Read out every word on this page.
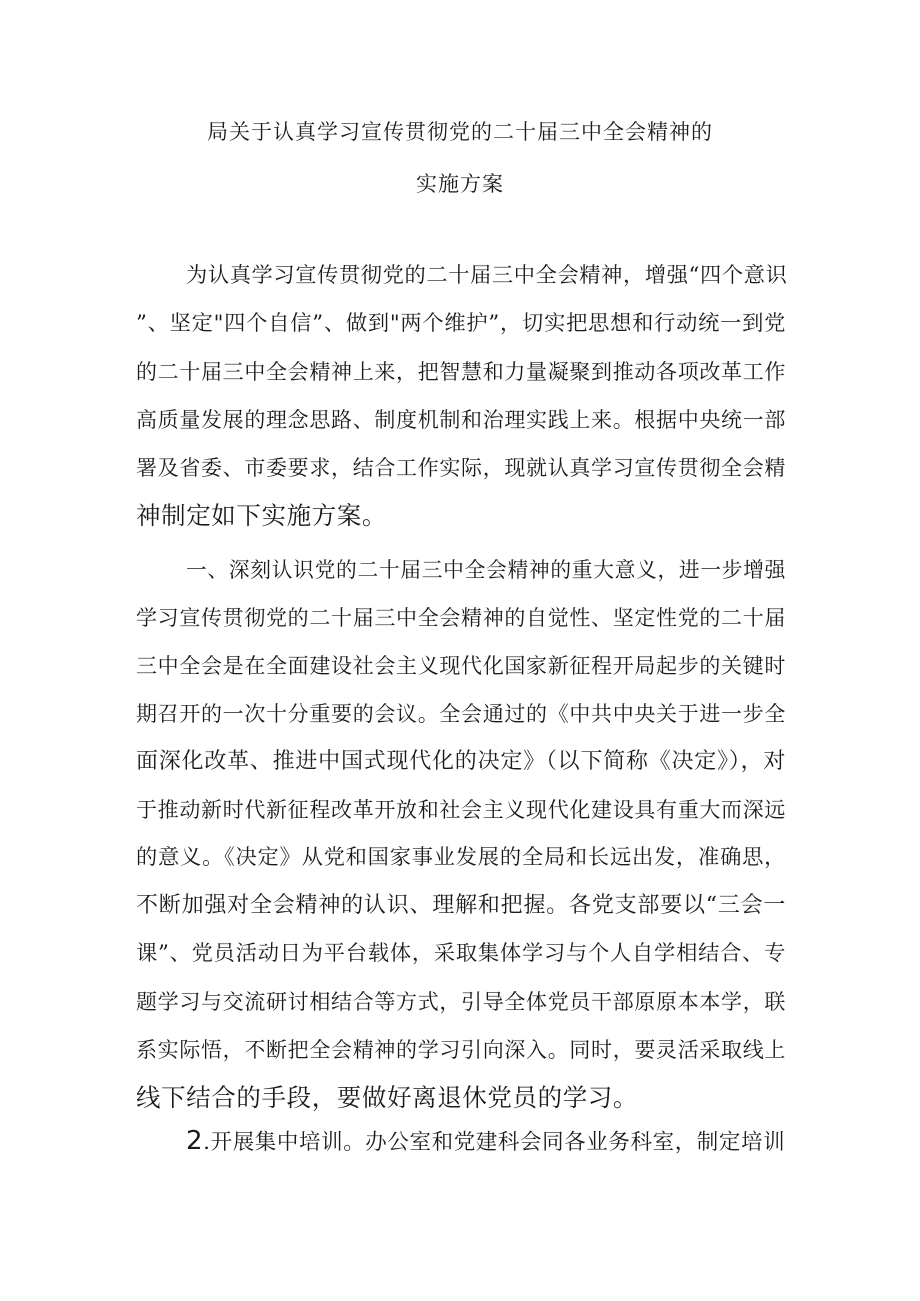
局关于认真学习宣传贯彻党的二十届三中全会精神的
实施方案
为认真学习宣传贯彻党的二十届三中全会精神，增强“四个意识
”、坚定"四个自信”、做到"两个维护”，切实把思想和行动统一到党
的二十届三中全会精神上来，把智慧和力量凝聚到推动各项改革工作
高质量发展的理念思路、制度机制和治理实践上来。根据中央统一部
署及省委、市委要求，结合工作实际，现就认真学习宣传贯彻全会精
神制定如下实施方案。
一、深刻认识党的二十届三中全会精神的重大意义，进一步增强
学习宣传贯彻党的二十届三中全会精神的自觉性、坚定性党的二十届
三中全会是在全面建设社会主义现代化国家新征程开局起步的关键时
期召开的一次十分重要的会议。全会通过的《中共中央关于进一步全
面深化改革、推进中国式现代化的决定》（以下简称《决定》），对
于推动新时代新征程改革开放和社会主义现代化建设具有重大而深远
的意义。《决定》从党和国家事业发展的全局和长远出发，准确思，
不断加强对全会精神的认识、理解和把握。各党支部要以“三会一
课”、党员活动日为平台载体，采取集体学习与个人自学相结合、专
题学习与交流研讨相结合等方式，引导全体党员干部原原本本学，联
系实际悟，不断把全会精神的学习引向深入。同时，要灵活采取线上
线下结合的手段，要做好离退休党员的学习。
2.开展集中培训。办公室和党建科会同各业务科室，制定培训
